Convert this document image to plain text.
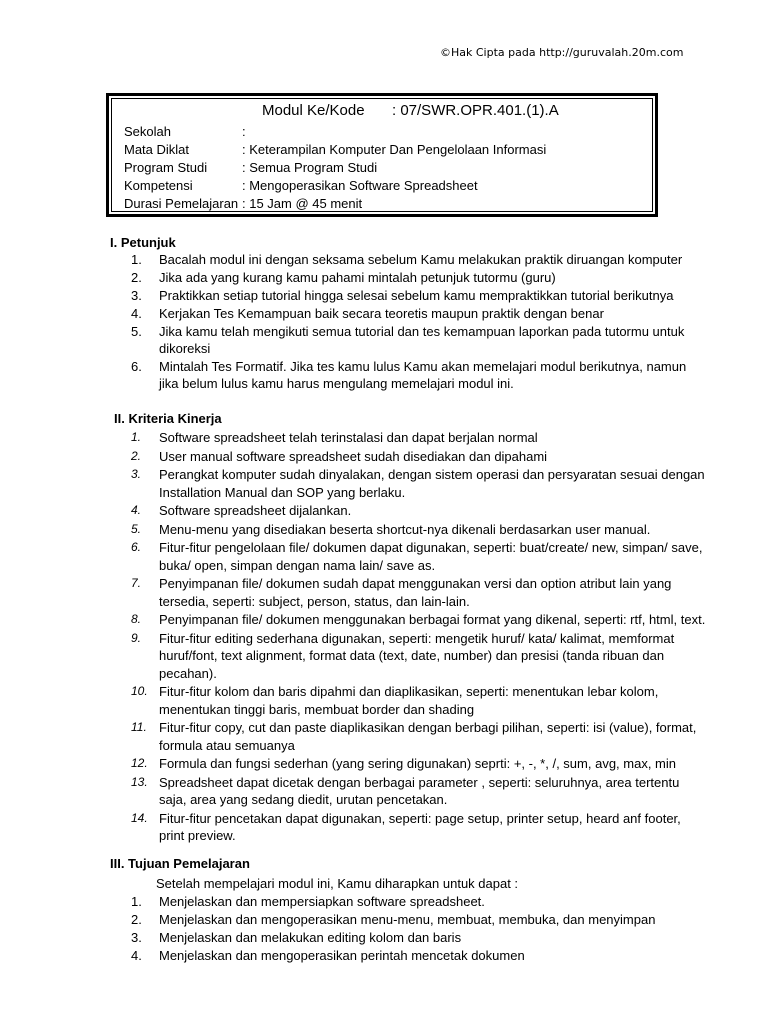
©Hak Cipta pada http://guruvalah.20m.com
Modul Ke/Kode : 07/SWR.OPR.401.(1).A
Sekolah	:
Mata Diklat	: Keterampilan Komputer Dan Pengelolaan Informasi
Program Studi	: Semua Program Studi
Kompetensi	: Mengoperasikan Software Spreadsheet
Durasi Pemelajaran : 15 Jam @ 45 menit
I. Petunjuk
1. Bacalah modul ini dengan seksama sebelum Kamu melakukan praktik diruangan komputer
2. Jika ada yang kurang kamu pahami mintalah petunjuk tutormu (guru)
3. Praktikkan setiap tutorial hingga selesai sebelum kamu mempraktikkan tutorial berikutnya
4. Kerjakan Tes Kemampuan baik secara teoretis maupun praktik dengan benar
5. Jika kamu telah mengikuti semua tutorial dan tes kemampuan laporkan pada tutormu untuk
dikoreksi
6. Mintalah Tes Formatif. Jika tes kamu lulus Kamu akan memelajari modul berikutnya, namun
jika belum lulus kamu harus mengulang memelajari modul ini.
II. Kriteria Kinerja
1. Software spreadsheet telah terinstalasi dan dapat berjalan normal
2. User manual software spreadsheet sudah disediakan dan dipahami
3. Perangkat komputer sudah dinyalakan, dengan sistem operasi dan persyaratan sesuai dengan
Installation Manual dan SOP yang berlaku.
4. Software spreadsheet dijalankan.
5. Menu-menu yang disediakan beserta shortcut-nya dikenali berdasarkan user manual.
6. Fitur-fitur pengelolaan file/ dokumen dapat digunakan, seperti: buat/create/ new, simpan/ save,
buka/ open, simpan dengan nama lain/ save as.
7. Penyimpanan file/ dokumen sudah dapat menggunakan versi dan option atribut lain yang
tersedia, seperti: subject, person, status, dan lain-lain.
8. Penyimpanan file/ dokumen menggunakan berbagai format yang dikenal, seperti: rtf, html, text.
9. Fitur-fitur editing sederhana digunakan, seperti: mengetik huruf/ kata/ kalimat, memformat
huruf/font, text alignment, format data (text, date, number) dan presisi (tanda ribuan dan
pecahan).
10. Fitur-fitur kolom dan baris dipahmi dan diaplikasikan, seperti: menentukan lebar kolom,
menentukan tinggi baris, membuat border dan shading
11. Fitur-fitur copy, cut dan paste diaplikasikan dengan berbagi pilihan, seperti: isi (value), format,
formula atau semuanya
12. Formula dan fungsi sederhan (yang sering digunakan) seprti: +, -, *, /, sum, avg, max, min
13. Spreadsheet dapat dicetak dengan berbagai parameter , seperti: seluruhnya, area tertentu
saja, area yang sedang diedit, urutan pencetakan.
14. Fitur-fitur pencetakan dapat digunakan, seperti: page setup, printer setup, heard anf footer,
print preview.
III. Tujuan Pemelajaran
Setelah mempelajari modul ini, Kamu diharapkan untuk dapat :
1. Menjelaskan dan mempersiapkan software spreadsheet.
2. Menjelaskan dan mengoperasikan menu-menu, membuat, membuka, dan menyimpan
3. Menjelaskan dan melakukan editing kolom dan baris
4. Menjelaskan dan mengoperasikan perintah mencetak dokumen
